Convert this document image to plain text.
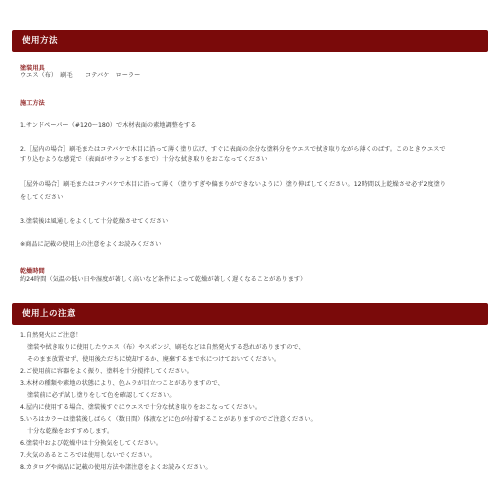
使用方法
塗装用具
ウエス（布）　刷毛　　コテバケ　ローラー
施工方法
1.サンドペーパー（#120〜180）で木材表面の素地調整をする
2.［屋内の場合］刷毛またはコテバケで木目に沿って薄く塗り広げ、すぐに表面の余分な塗料分をウエスで拭き取りながら薄くのばす。このときウエスで
すり込むような感覚で（表面がサラッとするまで）十分な拭き取りをおこなってください
［屋外の場合］刷毛またはコテバケで木目に沿って薄く（塗りすぎや偏まりができないように）塗り伸ばしてください。12時間以上乾燥させ必ず2度塗り
をしてください
3.塗装後は風通しをよくして十分乾燥させてください
※商品に記載の使用上の注意をよくお読みください
乾燥時間
約24時間（気温の低い日や湿度が著しく高いなど条件によって乾燥が著しく遅くなることがあります）
使用上の注意
1.自然発火にご注意！
塗装や拭き取りに使用したウエス（布）やスポンジ、刷毛などは自然発火する恐れがありますので、
そのまま放置せず、使用後ただちに焼却するか、廃棄するまで水につけておいてください。
2.ご使用前に容器をよく振り、塗料を十分撹拌してください。
3.木材の種類や素地の状態により、色ムラが目立つことがありますので、
塗装前に必ず試し塗りをして色を確認してください。
4.屋内に使用する場合、塗装後すぐにウエスで十分な拭き取りをおこなってください。
5.いろはカラーは塗装後しばらく（数日間）体液などに色が付着することがありますのでご注意ください。
十分な乾燥をおすすめします。
6.塗装中および乾燥中は十分換気をしてください。
7.火気のあるところでは使用しないでください。
8.カタログや商品に記載の使用方法や諸注意をよくお読みください。
